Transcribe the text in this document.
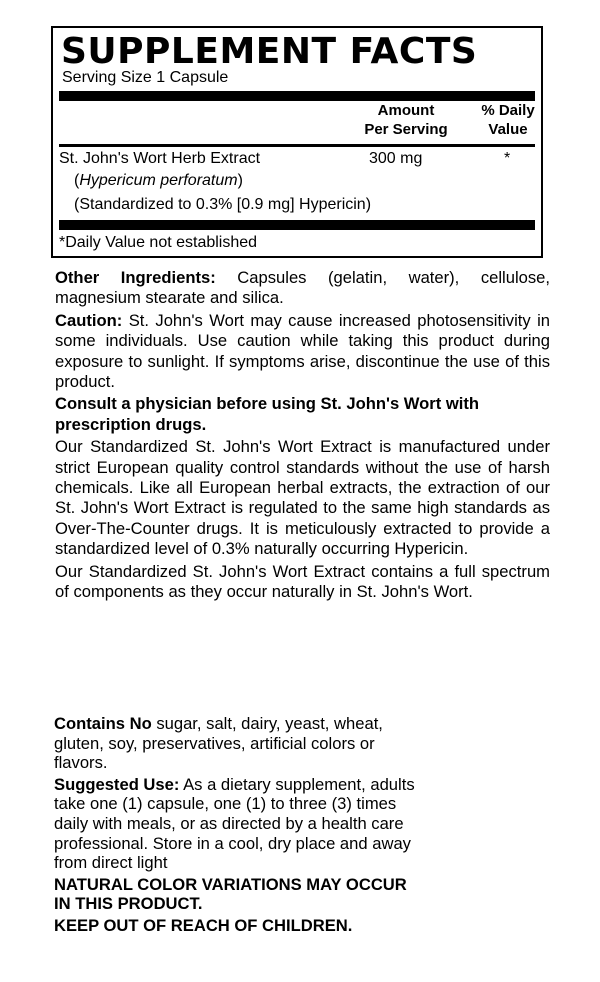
SUPPLEMENT FACTS
Serving Size 1 Capsule
Amount
Per Serving
% Daily
Value
St. John's Wort Herb Extract	300 mg	*
(Hypericum perforatum)
(Standardized to 0.3% [0.9 mg] Hypericin)
*Daily Value not established

Other Ingredients: Capsules (gelatin, water), cellulose, magnesium stearate and silica.

Caution: St. John's Wort may cause increased photosensitivity in some individuals. Use caution while taking this product during exposure to sunlight. If symptoms arise, discontinue the use of this product.

Consult a physician before using St. John's Wort with prescription drugs.

Our Standardized St. John's Wort Extract is manufactured under strict European quality control standards without the use of harsh chemicals. Like all European herbal extracts, the extraction of our St. John's Wort Extract is regulated to the same high standards as Over-The-Counter drugs. It is meticulously extracted to provide a standardized level of 0.3% naturally occurring Hypericin.

Our Standardized St. John's Wort Extract contains a full spectrum of components as they occur naturally in St. John's Wort.

Contains No sugar, salt, dairy, yeast, wheat, gluten, soy, preservatives, artificial colors or flavors.

Suggested Use: As a dietary supplement, adults take one (1) capsule, one (1) to three (3) times daily with meals, or as directed by a health care professional. Store in a cool, dry place and away from direct light

NATURAL COLOR VARIATIONS MAY OCCUR IN THIS PRODUCT.

KEEP OUT OF REACH OF CHILDREN.
